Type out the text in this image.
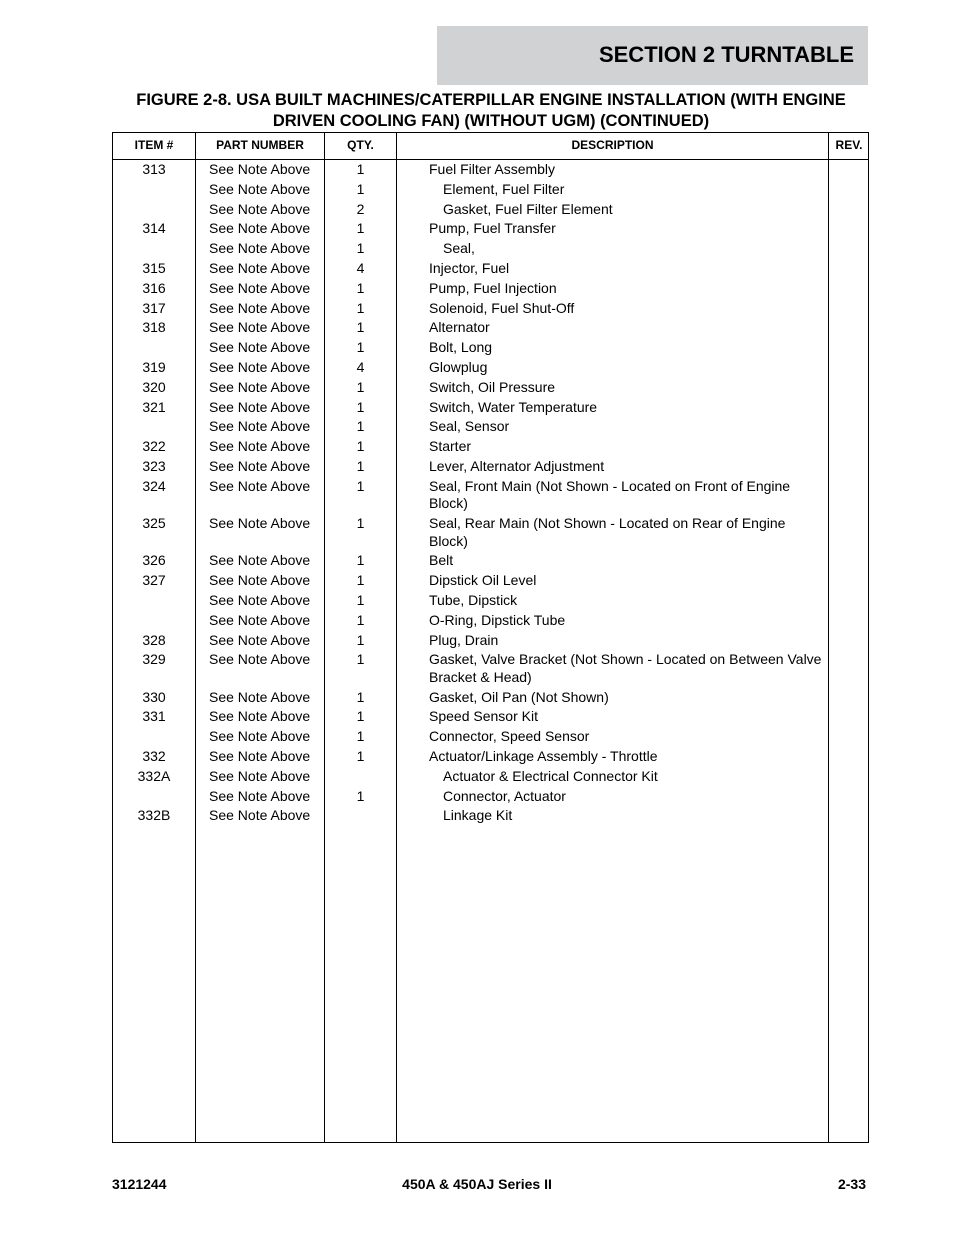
SECTION 2 TURNTABLE
FIGURE 2-8. USA BUILT MACHINES/CATERPILLAR ENGINE INSTALLATION (WITH ENGINE
DRIVEN COOLING FAN) (WITHOUT UGM) (CONTINUED)
ITEM #	PART NUMBER	QTY.	DESCRIPTION	REV.
313	See Note Above	1	Fuel Filter Assembly
See Note Above	1	Element, Fuel Filter
See Note Above	2	Gasket, Fuel Filter Element
314	See Note Above	1	Pump, Fuel Transfer
See Note Above	1	Seal,
315	See Note Above	4	Injector, Fuel
316	See Note Above	1	Pump, Fuel Injection
317	See Note Above	1	Solenoid, Fuel Shut-Off
318	See Note Above	1	Alternator
See Note Above	1	Bolt, Long
319	See Note Above	4	Glowplug
320	See Note Above	1	Switch, Oil Pressure
321	See Note Above	1	Switch, Water Temperature
See Note Above	1	Seal, Sensor
322	See Note Above	1	Starter
323	See Note Above	1	Lever, Alternator Adjustment
324	See Note Above	1	Seal, Front Main (Not Shown - Located on Front of Engine Block)
325	See Note Above	1	Seal, Rear Main (Not Shown - Located on Rear of Engine Block)
326	See Note Above	1	Belt
327	See Note Above	1	Dipstick Oil Level
See Note Above	1	Tube, Dipstick
See Note Above	1	O-Ring, Dipstick Tube
328	See Note Above	1	Plug, Drain
329	See Note Above	1	Gasket, Valve Bracket (Not Shown - Located on Between Valve Bracket & Head)
330	See Note Above	1	Gasket, Oil Pan (Not Shown)
331	See Note Above	1	Speed Sensor Kit
See Note Above	1	Connector, Speed Sensor
332	See Note Above	1	Actuator/Linkage Assembly - Throttle
332A	See Note Above	Actuator & Electrical Connector Kit
See Note Above	1	Connector, Actuator
332B	See Note Above	Linkage Kit
3121244	450A & 450AJ Series II	2-33
